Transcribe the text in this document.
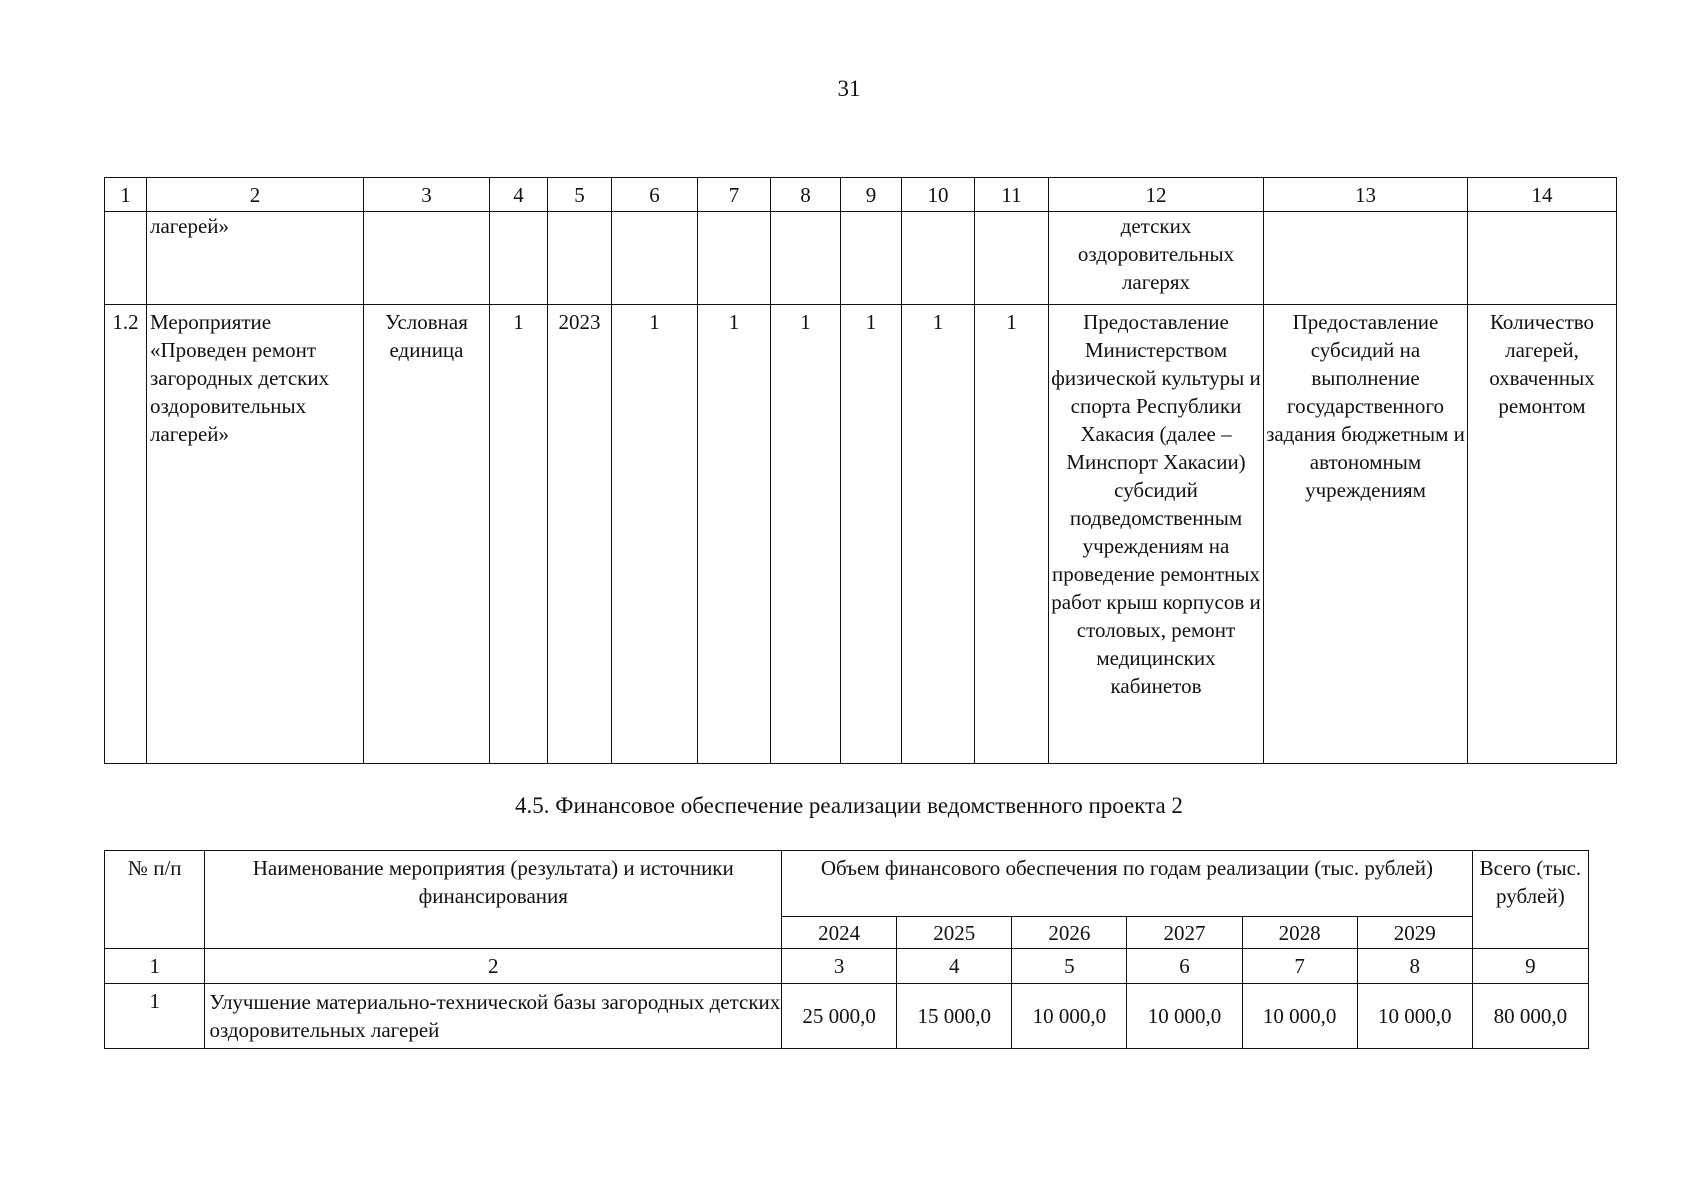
31
1	2	3	4	5	6	7	8	9	10	11	12	13	14
	лагерей»										детских оздоровительных лагерях		
1.2	Мероприятие «Проведен ремонт загородных детских оздоровительных лагерей»	Условная единица	1	2023	1	1	1	1	1	1	Предоставление Министерством физической культуры и спорта Республики Хакасия (далее – Минспорт Хакасии) субсидий подведомственным учреждениям на проведение ремонтных работ крыш корпусов и столовых, ремонт медицинских кабинетов	Предоставление субсидий на выполнение государственного задания бюджетным и автономным учреждениям	Количество лагерей, охваченных ремонтом
4.5. Финансовое обеспечение реализации ведомственного проекта 2
№ п/п	Наименование мероприятия (результата) и источники финансирования	Объем финансового обеспечения по годам реализации (тыс. рублей)						Всего (тыс. рублей)
		2024	2025	2026	2027	2028	2029	
1	2	3	4	5	6	7	8	9
1	Улучшение материально-технической базы загородных детских оздоровительных лагерей	25 000,0	15 000,0	10 000,0	10 000,0	10 000,0	10 000,0	80 000,0
